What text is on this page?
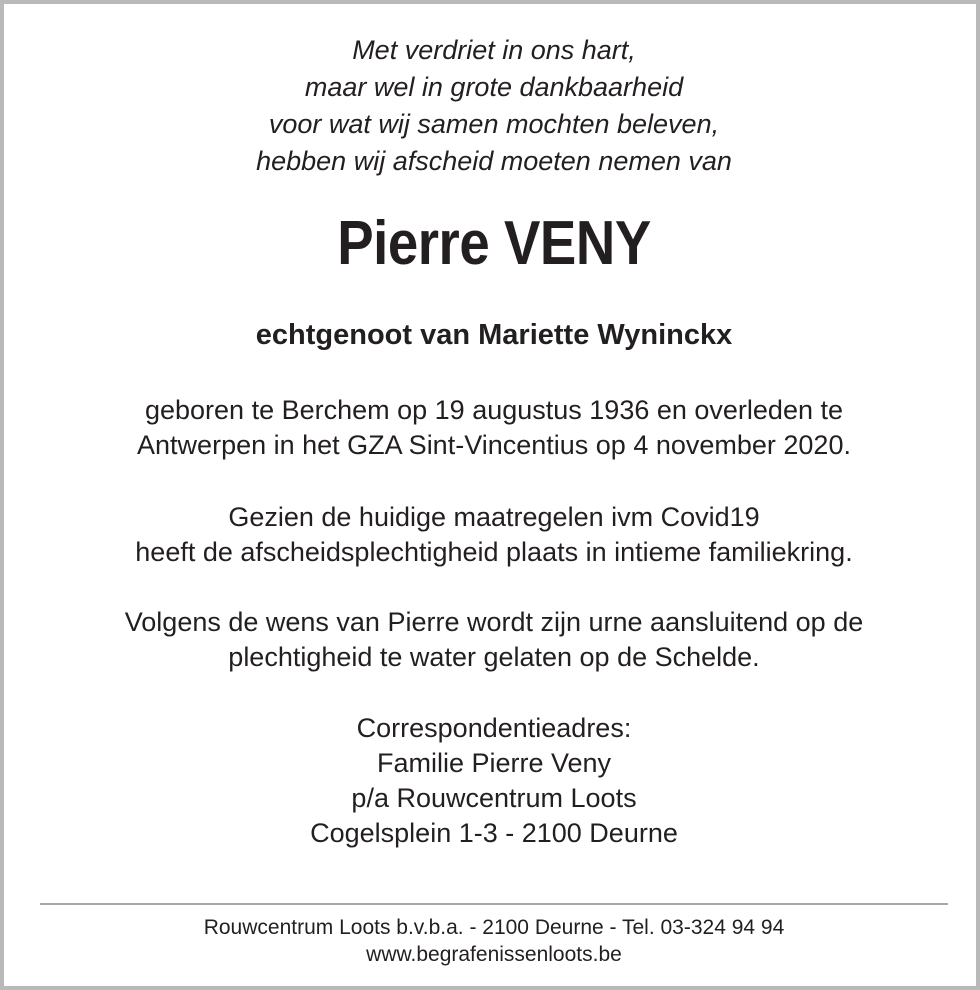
Met verdriet in ons hart,
maar wel in grote dankbaarheid
voor wat wij samen mochten beleven,
hebben wij afscheid moeten nemen van
Pierre VENY
echtgenoot van Mariette Wyninckx
geboren te Berchem op 19 augustus 1936 en overleden te
Antwerpen in het GZA Sint-Vincentius op 4 november 2020.
Gezien de huidige maatregelen ivm Covid19
heeft de afscheidsplechtigheid plaats in intieme familiekring.
Volgens de wens van Pierre wordt zijn urne aansluitend op de
plechtigheid te water gelaten op de Schelde.
Correspondentieadres:
Familie Pierre Veny
p/a Rouwcentrum Loots
Cogelsplein 1-3 - 2100 Deurne
Rouwcentrum Loots b.v.b.a. - 2100 Deurne - Tel. 03-324 94 94
www.begrafenissenloots.be
